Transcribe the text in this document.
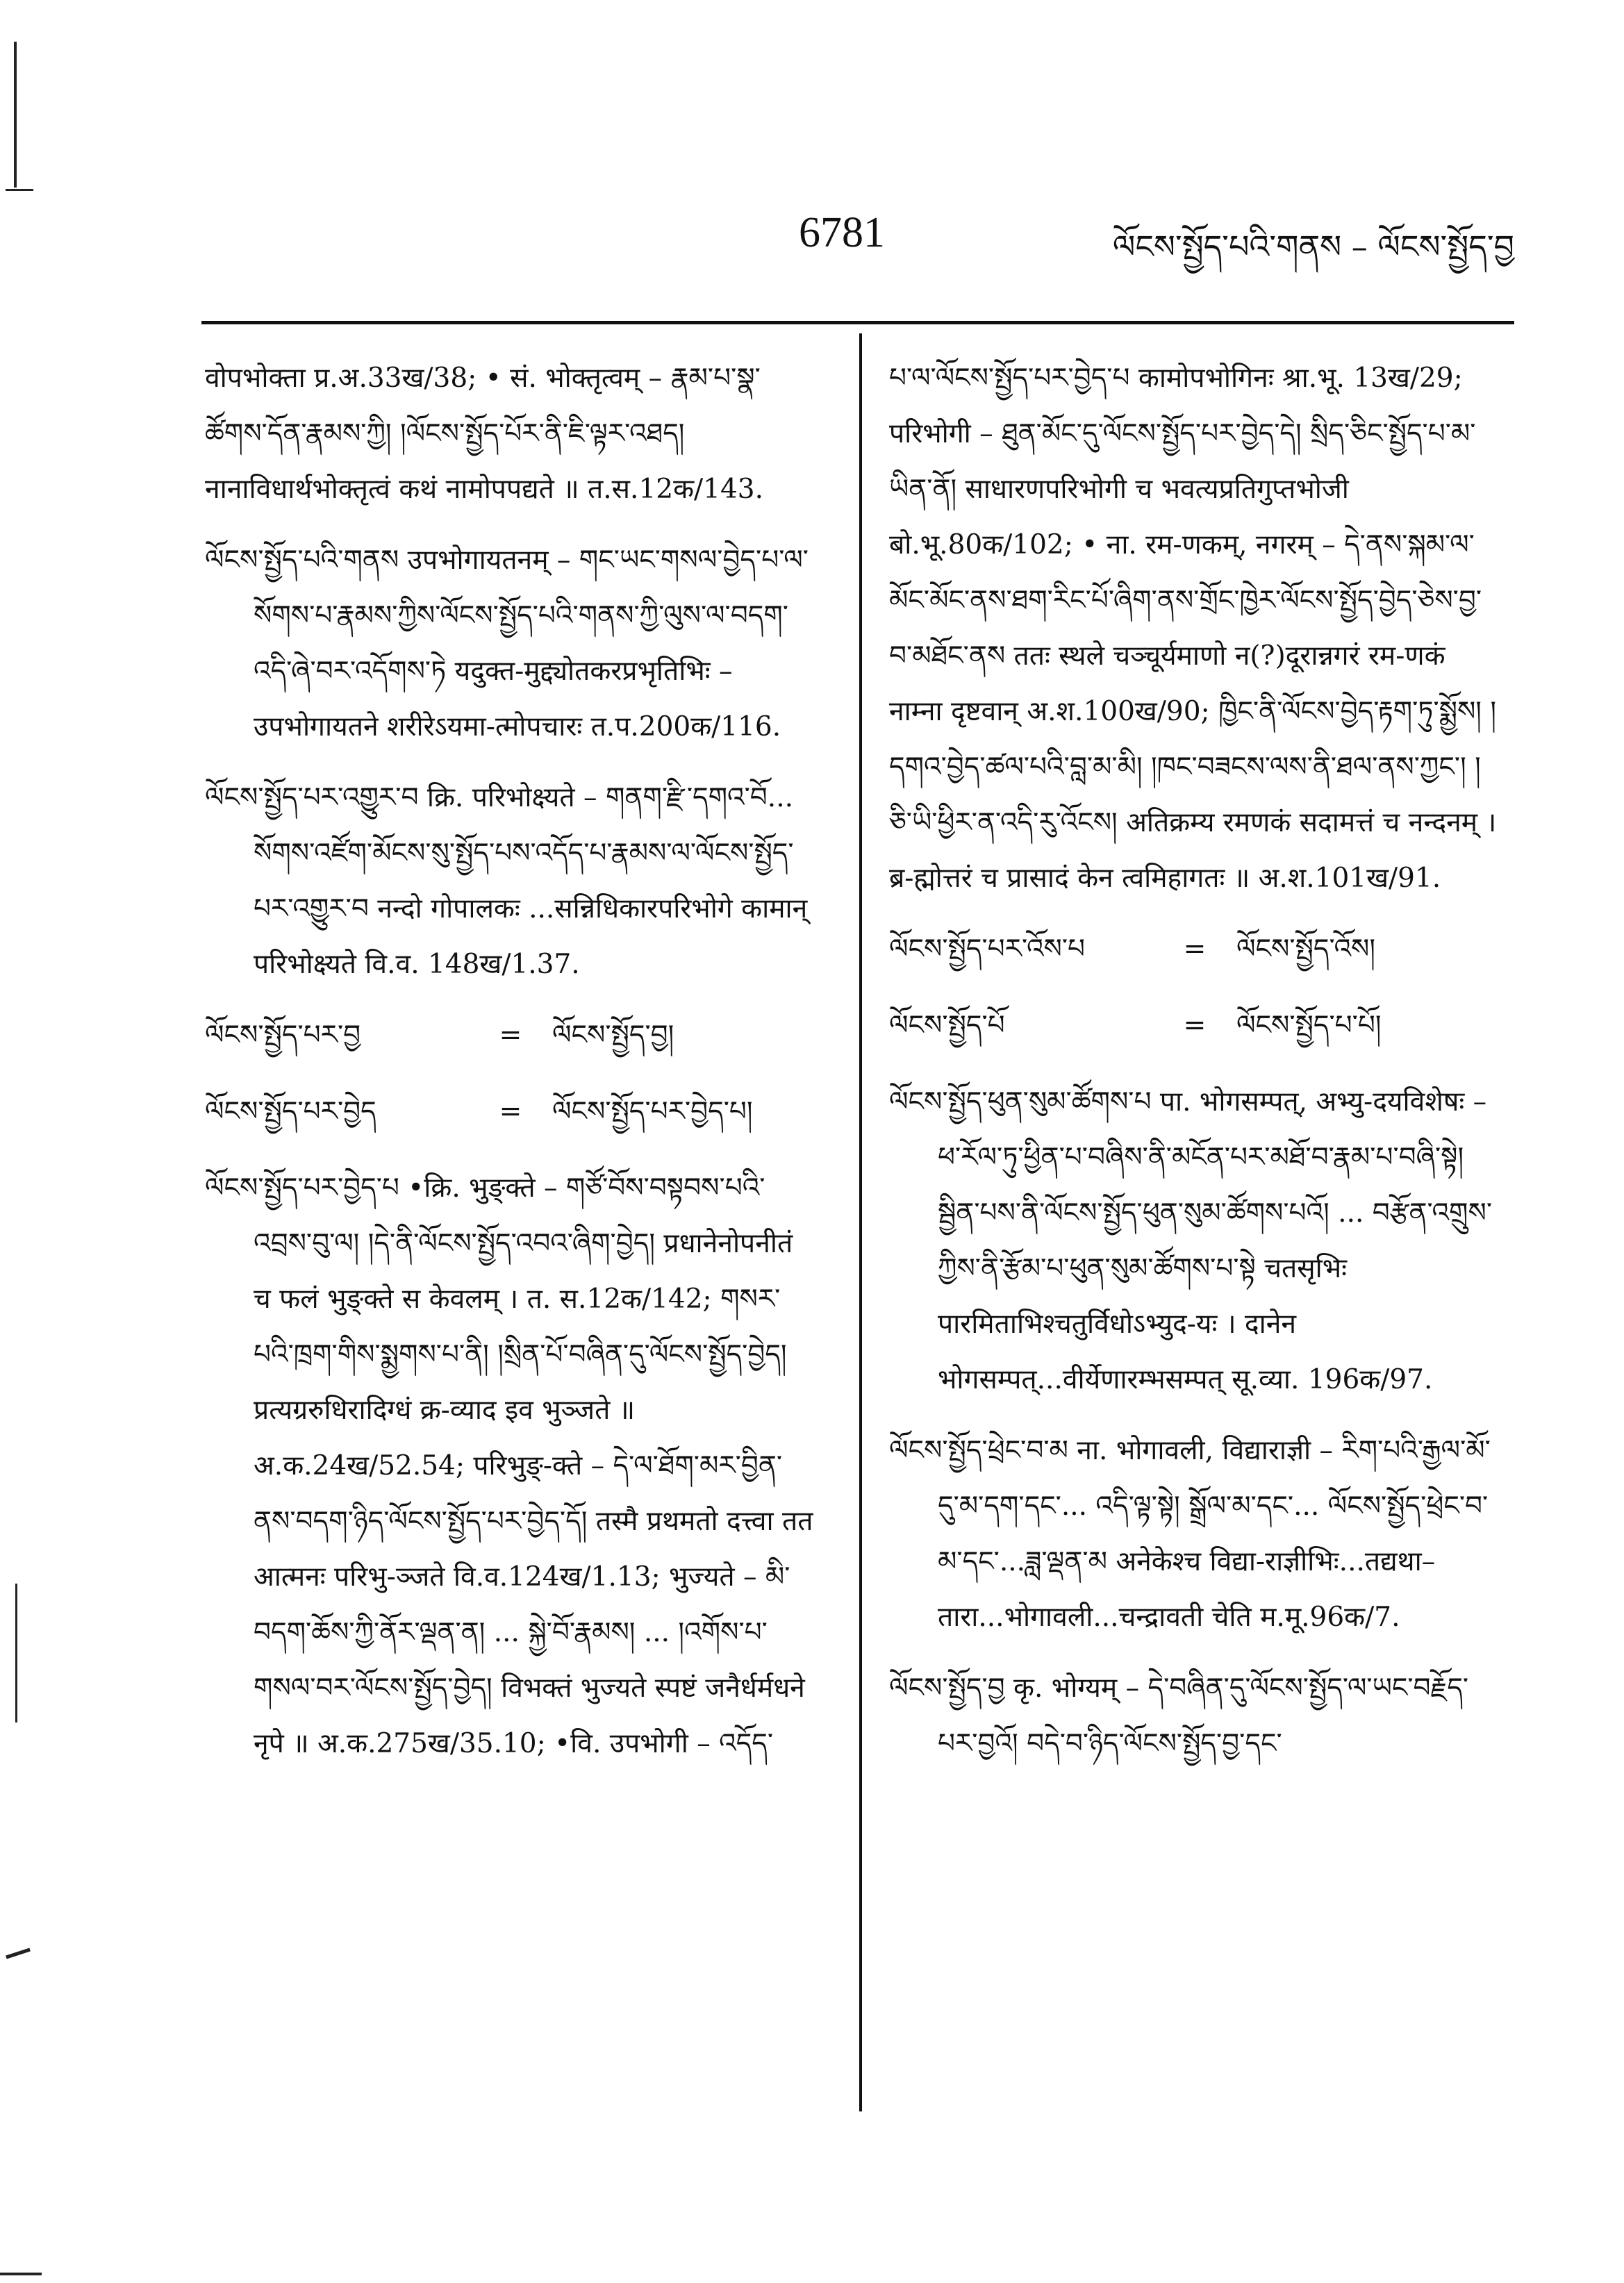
6781	ལོངས་སྤྱོད་པའི་གནས – ལོངས་སྤྱོད་བྱ

वोपभोक्ता प्र.अ.33ख/38; • सं. भोक्तृत्वम् – རྣམ་པ་སྣ་ཚོགས་དོན་རྣམས་ཀྱི། །ལོངས་སྤྱོད་པོར་ནི་ཇི་ལྟར་འཐད། नानाविधार्थभोक्तृत्वं कथं नामोपपद्यते ॥ त.स.12क/143.

ལོངས་སྤྱོད་པའི་གནས उपभोगायतनम् – གང་ཡང་གསལ་བྱེད་པ་ལ་སོགས་པ་རྣམས་ཀྱིས་ལོངས་སྤྱོད་པའི་གནས་ཀྱི་ལུས་ལ་བདག་འདི་ཞེ་བར་འདོགས་ཏེ यदुक्त-मुद्द्योतकरप्रभृतिभिः – उपभोगायतने शरीरेऽयमा-त्मोपचारः त.प.200क/116.

ལོངས་སྤྱོད་པར་འགྱུར་བ क्रि. परिभोक्ष्यते – གནག་རྫི་དགའ་བོ... སོགས་འཛོག་མོངས་སུ་སྤྱོད་པས་འདོད་པ་རྣམས་ལ་ལོངས་སྤྱོད་པར་འགྱུར་བ नन्दो गोपालकः ...सन्निधिकारपरिभोगे कामान् परिभोक्ष्यते वि.व. 148ख/1.37.

ལོངས་སྤྱོད་པར་བྱ	=	ལོངས་སྤྱོད་བྱ།
ལོངས་སྤྱོད་པར་བྱེད	=	ལོངས་སྤྱོད་པར་བྱེད་པ།

ལོངས་སྤྱོད་པར་བྱེད་པ •क्रि. भुङ्क्ते – གཙོ་བོས་བསྟབས་པའི་འབྲས་བུ་ལ། །དེ་ནི་ལོངས་སྤྱོད་འབའ་ཞིག་བྱེད། प्रधानेनोपनीतं च फलं भुङ्क्ते स केवलम् । त. स.12क/142; གསར་པའི་ཁྲག་གིས་སྨྱགས་པ་ནི། །སྲིན་པོ་བཞིན་དུ་ལོངས་སྤྱོད་བྱེད། प्रत्यग्ररुधिरादिग्धं क्र-व्याद इव भुञ्जते ॥ अ.क.24ख/52.54; परिभुङ्-क्ते – དེ་ལ་ཐོག་མར་བྱིན་ནས་བདག་ཉིད་ལོངས་སྤྱོད་པར་བྱེད་དོ། तस्मै प्रथमतो दत्त्वा तत आत्मनः परिभु-ञ्जते वि.व.124ख/1.13; भुज्यते – མི་བདག་ཆོས་ཀྱི་ནོར་ལྡན་ན། ... སྐྱེ་བོ་རྣམས། ... །འགོས་པ་གསལ་བར་ལོངས་སྤྱོད་བྱེད། विभक्तं भुज्यते स्पष्टं जनैर्धर्मधने नृपे ॥ अ.क.275ख/35.10; •वि. उपभोगी – འདོད་

པ་ལ་ལོངས་སྤྱོད་པར་བྱེད་པ कामोपभोगिनः श्रा.भू. 13ख/29; परिभोगी – ཐུན་མོང་དུ་ལོངས་སྤྱོད་པར་བྱེད་དེ། སྲིད་ཅིང་སྤྱོད་པ་མ་ཡིན་ནོ། साधारणपरिभोगी च भवत्यप्रतिगुप्तभोजी बो.भू.80क/102; • ना. रम-णकम्, नगरम् – དེ་ནས་སྐམ་ལ་མོང་མོང་ནས་ཐག་རིང་པོ་ཞིག་ནས་གྲོང་ཁྱེར་ལོངས་སྤྱོད་བྱེད་ཅེས་བྱ་བ་མཐོང་ནས ततः स्थले चञ्चूर्यमाणो न(?)दूरान्नगरं रम-णकं नाम्ना दृष्टवान् अ.श.100ख/90; ཁྱིང་ནི་ལོངས་བྱེད་རྟག་ཏུ་སྨྱོས། །དགའ་བྱེད་ཚལ་པའི་བླ་མ་མི། །ཁང་བཟངས་ལས་ནི་ཐལ་ནས་ཀྱང་། །ཅི་ཡི་ཕྱིར་ན་འདི་རུ་འོངས། अतिक्रम्य रमणकं सदामत्तं च नन्दनम् । ब्र-ह्मोत्तरं च प्रासादं केन त्वमिहागतः ॥ अ.श.101ख/91.

ལོངས་སྤྱོད་པར་འོས་པ	=	ལོངས་སྤྱོད་འོས།
ལོངས་སྤྱོད་པོ	=	ལོངས་སྤྱོད་པ་པོ།

ལོངས་སྤྱོད་ཕུན་སུམ་ཚོགས་པ पा. भोगसम्पत्, अभ्यु-दयविशेषः – ཕ་རོལ་ཏུ་ཕྱིན་པ་བཞིས་ནི་མངོན་པར་མཐོ་བ་རྣམ་པ་བཞི་སྟེ། སྦྱིན་པས་ནི་ལོངས་སྤྱོད་ཕུན་སུམ་ཚོགས་པའོ། ... བརྩོན་འགྲུས་ཀྱིས་ནི་རྩོམ་པ་ཕུན་སུམ་ཚོགས་པ་སྟེ चतसृभिः पारमिताभिश्चतुर्विधोऽभ्युद-यः । दानेन भोगसम्पत्...वीर्येणारम्भसम्पत् सू.व्या. 196क/97.

ལོངས་སྤྱོད་ཕྲེང་བ་མ ना. भोगावली, विद्याराज्ञी – རིག་པའི་རྒྱལ་མོ་དུ་མ་དག་དང་... འདི་ལྟ་སྟེ། སྒྲོལ་མ་དང་... ལོངས་སྤྱོད་ཕྲེང་བ་མ་དང་...ཟླ་ལྡན་མ अनेकेश्च विद्या-राज्ञीभिः...तद्यथा–तारा...भोगावली...चन्द्रावती चेति म.मू.96क/7.

ལོངས་སྤྱོད་བྱ कृ. भोग्यम् – དེ་བཞིན་དུ་ལོངས་སྤྱོད་ལ་ཡང་བརྗོད་པར་བྱའོ། བདེ་བ་ཉིད་ལོངས་སྤྱོད་བྱ་དང་
